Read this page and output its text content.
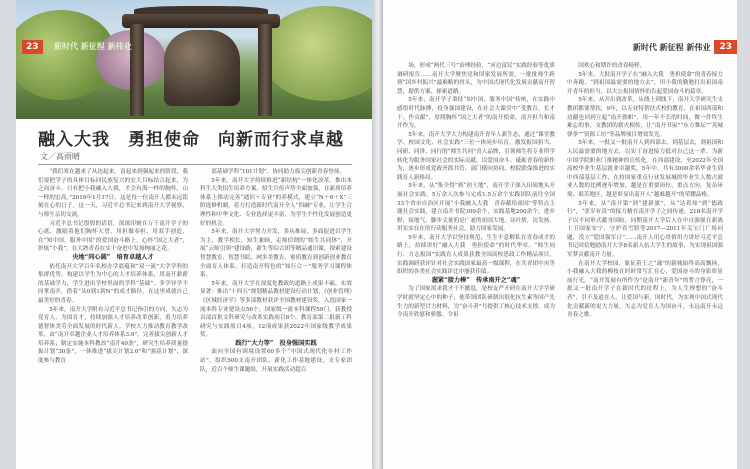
23	新时代 新征程 新伟业
融入大我　勇担使命　向新而行求卓越
文／高雨晴

“我们寒在越来了从达起来，富起来到强起来的阶段，我们要把学子的具体目标同民族复兴的宏大目标结合起来，为之而奋斗。只有把小我融入大我，才会有海一样的胸怀，山一样的宏高。”2019年1月17日，这是每一位南开人都未远铭刻在心的日子。这一天，习近平总书记来到南开大学视察，与师生亲切交流。

习近平总书记殷殷的话语，深深印刻在万千南开学子的心底，激励着他们胸怀大望、用担做奉担、用双手创造，在“知中国，服务中国”的爱国奋斗路上，心怀“国之大者”，彰炫“小我”，在大熟青春在实干奋进中发扬绚丽之花。

央地“同心圆”　培育卓越人才

依托南开大学百年名校办学底蕴和“双一流”大学学科的集群优势，构建以学生为中心的人才培养体系，用南开薪薪的基础学力，学生进出学校里面的学科“基础”、多学异学不同掌南开，借着“从0到1到N”的成才路径，在这里成就自己最美好的青春。

5年来，南开大学附有习近平总书记指引的方向，矢志为党育人、为国育才，持续加强人才培养改革创新，着力培养德智体美劳全面发展的时代新人。学校大力推动教育教学改革，由“南开卓越企业人才培养体系3.0”，完善拔尖创新人才培养系；制定实施本科教改“南开40条”，研究生培养质量提振计划“30条”，一体推进“拔尖计划2.0”和“强基计划”，深度参与教育

部基础学科“101计划”，协同助力拔尖创新青春登场。

5年来，南开大学持续推进“新结构”一体化改革，推出本科生大类招生培养方案，招生宣传声势全面加强，在新质培养体系上推动完善“通识＋专业”的养模式，建立“N＋6＋X”三阶选修机制，着力打造新时代南开全人“四融”专业，让学生合理性和中华文化、专业选择更丰富，为学生个性化发展创造更好的机会。

5年来，南开大学努力开发，多从推展，多面促进以学生为主，教学相长，知生兼顾，走师信谓的“师生共同体”，开展“云师引领”建设路，新生等综合团等精品通识课，探索建设智慧教室、智慧书院、网多美教育，密质教育到创新创业教育全面育人体系，打造南开特色的“知行合一”服务学习课程体系。

5年来，南开大学在深度化教政的道路上成果丰硕，实效显著：推出“十四五”规划精品教材建设行动计划，《创业管理》《区域经济学》等多部教材获评全国教材建设奖。入选国家一流本科专业建设点56个，国家级一流本科课程59门，获教授首部首批文科研究与改革实践项目8个，教育部第二批新工科研究与实践项目4项，12项成果获2022年国家级教学成果奖。

践行“大力等”　投身强国实践

面向全国有困境设置60多个“中国式现代化乡村工作站”，组织500支南开团队、新化工作基地建设，支专家团队，近百个师生课题组，开展实践活动超百

新时代 新征程 新伟业	23

场，形成“两代三号”治理经验，“河边富民”实践经验等优质调研报告……南开大学聚焦党和国家发展所需，一批批师生跨到“国乡村振兴”最难略的骨头，为中国式现代化发展贡献南开智慧，提供方案、探索道路。

5年来，南开学子秉持“知中国，服务中国”传统，在实践中感悟时代脉搏，投身强国建设，在社会大课堂中“受教育、长才干、作贡献”，厚爬胸怀“国之大者”的南开使命，南开担当和南开作为。

5年来，南开大学大力构建南开青年人新生态，通过“课堂教学、校园文化、社会实践”三位一体同步培育，激发报国担当、同研、同讲、同行的“师生共同”青人品牌，引领师生将专业所学转化为服务国家社会的实际贡献，以爱国奋斗、砥砺青春的新作为，逐步形成党政齐抓共管、部门横向协同、校院联保推进的实践育人新格局。

5年来，从“集全得”到“初土地”，南开学子深入田间地头开展社会实践，5万余人次参与完成1.5万余个实践团队前往全国33个省市自治区开展“小我融入大我　青春献给祖国”等特点主题社会实践，建立南开书院300余个，实践基地200余个，进乡野，接地气，脚步丈量的是广袤的祖国大地，诗社情，访发扬，用实实在在的行动服务社会，助力国家发展。

5年来，南开大学以坚持规范，生生不息解私在青春成才的路上，持续讲好“融入大我　勇担使命”的时代华章。“师生同行、方志报国”实践育人成果获教全国高校思政工作精品项目，实践调研获评针对社会实践国家最高一级课程，在共青团中央等组织的各类社会实践评比中屡获佳绩。

握紧“接力棒”　传承南开之“魂”

为了国家需求我才干不撤退，是校友严开研在南开大学学研学时就坚定心中的种子，他带领团队研制出很化抗生素等国产先生力的新型甘力材料，为“奋斗者”号提供了核心技术支撑，成为令南开欣慰和骄傲、令祖

国欢心和期许的青春榜样。

5年来，大批南开学子在“融入大我　勇担使命”的青春接力中奔跑，“到祖国最需要的地方去”，用小我的勤勉打出祖国南开青年的担当，以大公报国情怀的告起爱国奋斗的篇章。

5年来，从开出到改革，从线上到线下，南开大学研究生支教团都要帮扶，9年，以专业特帮扶式校的教育，在祖国西部和边疆也回到立起“南开旗帜”，用一年不长的时间，做一件终生难忘的事。支教团的薪火相传，让“南开书屋”“东方舞坛”“英城弹拳”“资源工坊”等品牌项目增效发光。

5年来，一批又一批南开人到西部去，到基层去，到祖国和人民最需要的地方去，以实干奋进接力抵对自己这一辈、为新中国学院职业门推精神的宣传化。在西部建设，至2022年全国高校毕业生基层就业卓越奖，5年中，共有3000余名毕业生到中西部基层工作，在持国家重点行业发展城的毕业生人数占就业人数的比例逐年增加，越是在重要岗位、重点方向，复杂环境、艰苦地区，越是彰显出南开人“越难越开”的荣耀品格。

5年来，从“南开第”到“建新旗”，从“达着知”到“德政行”，“张军有真”的接力精在南开学子之间传递。218名南开学子以不同形式献身国防，同期南开大学后人在中自强强在新战士卫国家安宁、守护着雪脸等2017—2011年关宝门广场问题，没立“爱国强军日”……南开人用心用情用力讲好习近平总书记回信勉励南开大学8名新入伍大学生的故事，为实现祖国强军梦贡献南开力量。

在南开大学校园，象征着王之“魂”的新城始终高高飘扬，小我融入大我的柳枝在时时常写汇在心，爱国奋斗的身影彰显前行光。“南开发展有所作为”是南开“新青年”的誓言铮亮，一批又一批南开学子在新时代的征程上，为人生理想的“奋斗者”，引不及道在人，让爱国与新，国时代，为实现中国式现代化贡献新的更大力量，矢志为党育人为国奋斗，永远南开永远青春之歌。
